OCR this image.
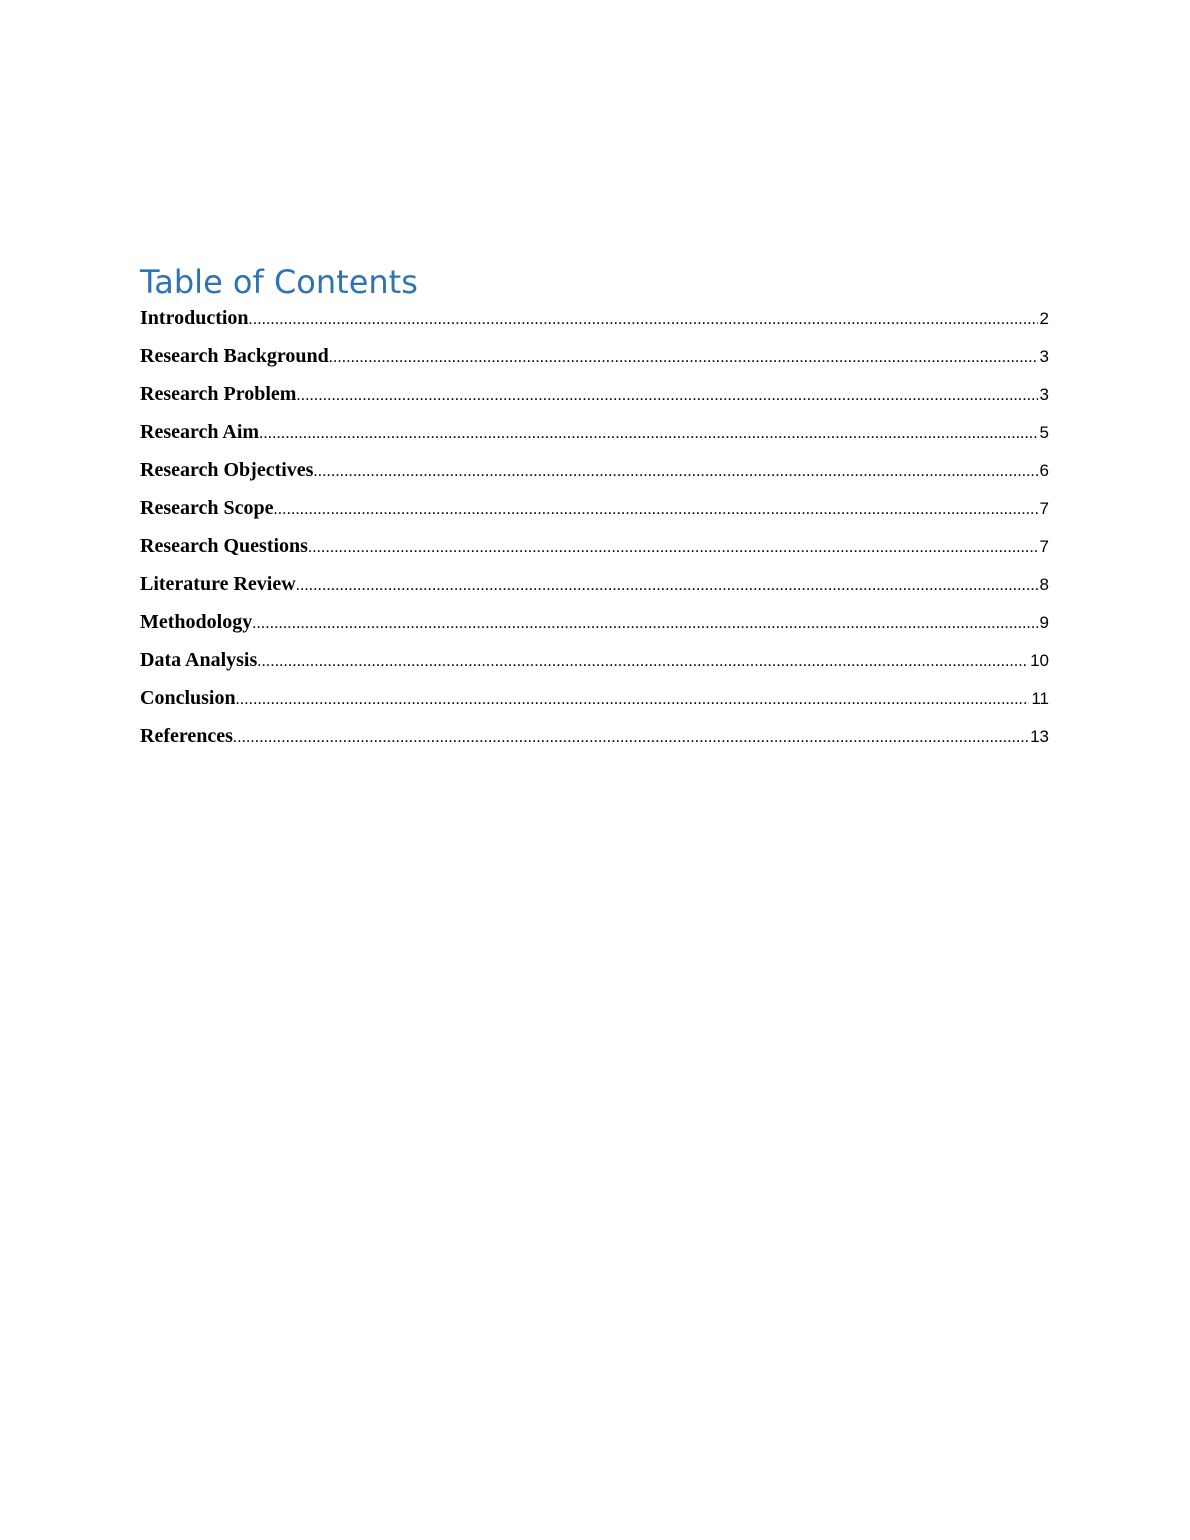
Table of Contents
Introduction .....	2
Research Background .....	3
Research Problem .....	3
Research Aim .....	5
Research Objectives .....	6
Research Scope .....	7
Research Questions .....	7
Literature Review .....	8
Methodology .....	9
Data Analysis .....	10
Conclusion .....	11
References .....	13
